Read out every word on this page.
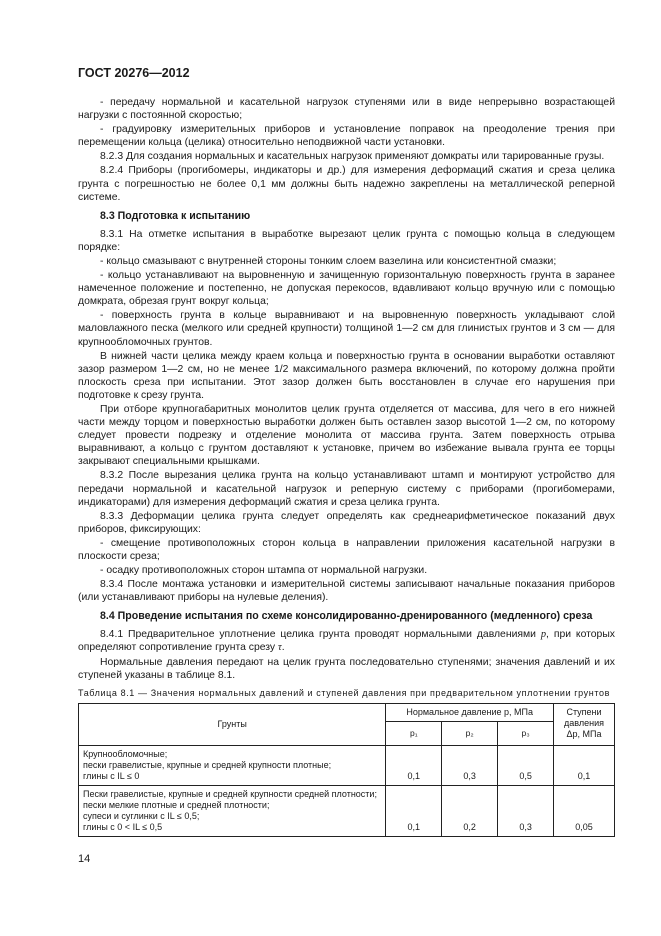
ГОСТ 20276—2012

- передачу нормальной и касательной нагрузок ступенями или в виде непрерывно возрастающей нагрузки с постоянной скоростью;

- градуировку измерительных приборов и установление поправок на преодоление трения при перемещении кольца (целика) относительно неподвижной части установки.

8.2.3 Для создания нормальных и касательных нагрузок применяют домкраты или тарированные грузы.

8.2.4 Приборы (прогибомеры, индикаторы и др.) для измерения деформаций сжатия и среза целика грунта с погрешностью не более 0,1 мм должны быть надежно закреплены на металлической реперной системе.

8.3 Подготовка к испытанию

8.3.1 На отметке испытания в выработке вырезают целик грунта с помощью кольца в следующем порядке:

- кольцо смазывают с внутренней стороны тонким слоем вазелина или консистентной смазки;

- кольцо устанавливают на выровненную и зачищенную горизонтальную поверхность грунта в заранее намеченное положение и постепенно, не допуская перекосов, вдавливают кольцо вручную или с помощью домкрата, обрезая грунт вокруг кольца;

- поверхность грунта в кольце выравнивают и на выровненную поверхность укладывают слой маловлажного песка (мелкого или средней крупности) толщиной 1—2 см для глинистых грунтов и 3 см — для крупнообломочных грунтов.

В нижней части целика между краем кольца и поверхностью грунта в основании выработки оставляют зазор размером 1—2 см, но не менее 1/2 максимального размера включений, по которому должна пройти плоскость среза при испытании. Этот зазор должен быть восстановлен в случае его нарушения при подготовке к срезу грунта.

При отборе крупногабаритных монолитов целик грунта отделяется от массива, для чего в его нижней части между торцом и поверхностью выработки должен быть оставлен зазор высотой 1—2 см, по которому следует провести подрезку и отделение монолита от массива грунта. Затем поверхность отрыва выравнивают, а кольцо с грунтом доставляют к установке, причем во избежание вывала грунта ее торцы закрывают специальными крышками.

8.3.2 После вырезания целика грунта на кольцо устанавливают штамп и монтируют устройство для передачи нормальной и касательной нагрузок и реперную систему с приборами (прогибомерами, индикаторами) для измерения деформаций сжатия и среза целика грунта.

8.3.3 Деформации целика грунта следует определять как среднеарифметическое показаний двух приборов, фиксирующих:

- смещение противоположных сторон кольца в направлении приложения касательной нагрузки в плоскости среза;

- осадку противоположных сторон штампа от нормальной нагрузки.

8.3.4 После монтажа установки и измерительной системы записывают начальные показания приборов (или устанавливают приборы на нулевые деления).

8.4 Проведение испытания по схеме консолидированно-дренированного (медленного) среза

8.4.1 Предварительное уплотнение целика грунта проводят нормальными давлениями p, при которых определяют сопротивление грунта срезу τ.

Нормальные давления передают на целик грунта последовательно ступенями; значения давлений и их ступеней указаны в таблице 8.1.

Таблица 8.1 — Значения нормальных давлений и ступеней давления при предварительном уплотнении грунтов

Грунты	Нормальное давление p, МПа			Ступени давления Δp, МПа
	p₁	p₂	p₃	

Крупнообломочные;
пески гравелистые, крупные и средней крупности плотные;
глины с IL ≤ 0	0,1	0,3	0,5	0,1

Пески гравелистые, крупные и средней крупности средней плотности;
пески мелкие плотные и средней плотности;
супеси и суглинки с IL ≤ 0,5;
глины с 0 < IL ≤ 0,5	0,1	0,2	0,3	0,05
14
